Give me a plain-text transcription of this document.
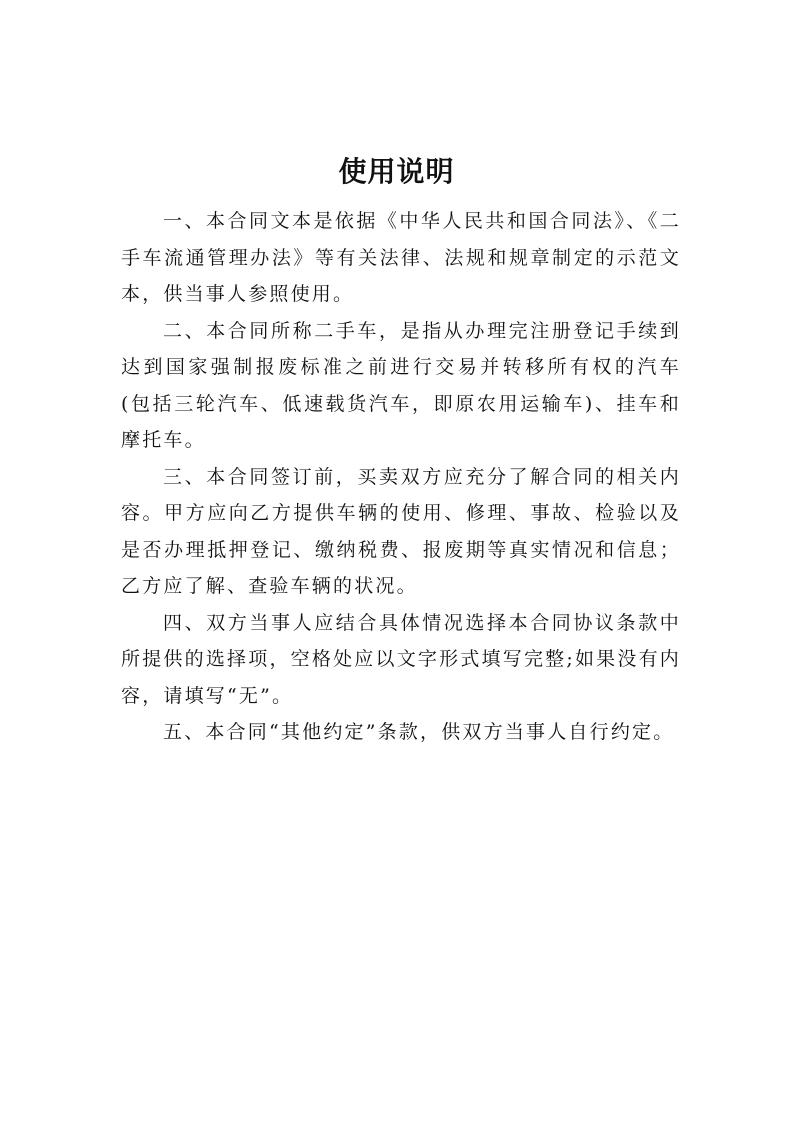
使用说明

一、本合同文本是依据《中华人民共和国合同法》、《二手车流通管理办法》等有关法律、法规和规章制定的示范文本，供当事人参照使用。

二、本合同所称二手车，是指从办理完注册登记手续到达到国家强制报废标准之前进行交易并转移所有权的汽车(包括三轮汽车、低速载货汽车，即原农用运输车)、挂车和摩托车。

三、本合同签订前，买卖双方应充分了解合同的相关内容。甲方应向乙方提供车辆的使用、修理、事故、检验以及是否办理抵押登记、缴纳税费、报废期等真实情况和信息；乙方应了解、查验车辆的状况。

四、双方当事人应结合具体情况选择本合同协议条款中所提供的选择项，空格处应以文字形式填写完整;如果没有内容，请填写“无”。

五、本合同“其他约定”条款，供双方当事人自行约定。
